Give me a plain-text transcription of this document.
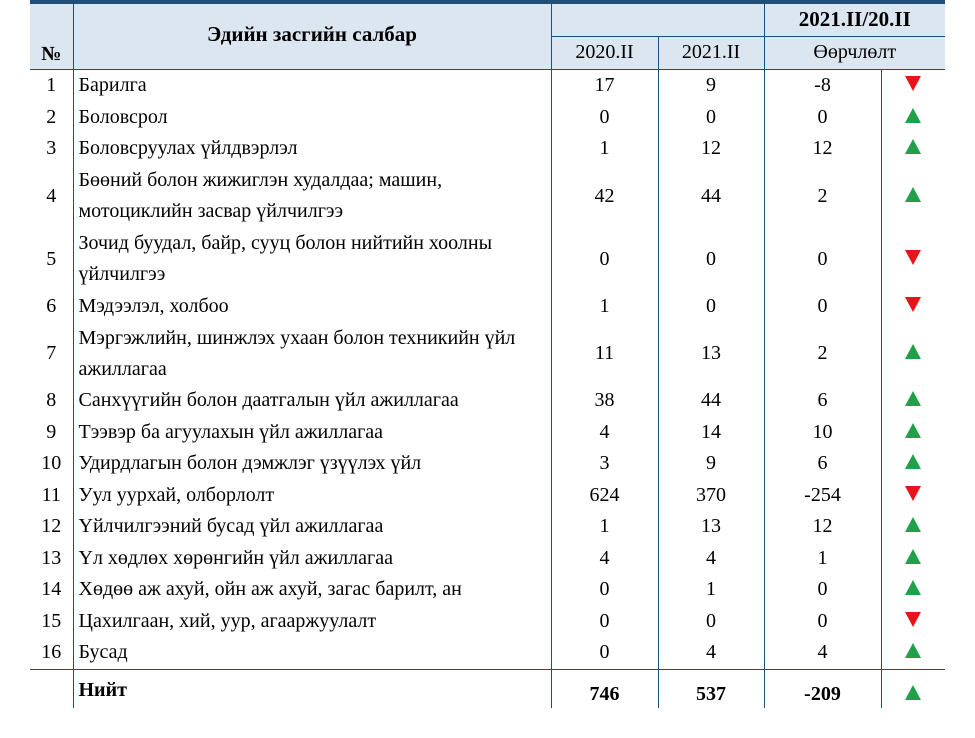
№	Эдийн засгийн салбар			2021.II/20.II	
		2020.II	2021.II	Өөрчлөлт	
1	Барилга	17	9	-8	
2	Боловсрол	0	0	0	
3	Боловсруулах үйлдвэрлэл	1	12	12	
4	Бөөний болон жижиглэн худалдаа; машин, мотоциклийн засвар үйлчилгээ	42	44	2	
5	Зочид буудал, байр, сууц болон нийтийн хоолны үйлчилгээ	0	0	0	
6	Мэдээлэл, холбоо	1	0	0	
7	Мэргэжлийн, шинжлэх ухаан болон техникийн үйл ажиллагаа	11	13	2	
8	Санхүүгийн болон даатгалын үйл ажиллагаа	38	44	6	
9	Тээвэр ба агуулахын үйл ажиллагаа	4	14	10	
10	Удирдлагын болон дэмжлэг үзүүлэх үйл	3	9	6	
11	Уул уурхай, олборлолт	624	370	-254	
12	Үйлчилгээний бусад үйл ажиллагаа	1	13	12	
13	Үл хөдлөх хөрөнгийн үйл ажиллагаа	4	4	1	
14	Хөдөө аж ахуй, ойн аж ахуй, загас барилт, ан	0	1	0	
15	Цахилгаан, хий, уур, агааржуулалт	0	0	0	
16	Бусад	0	4	4	
	Нийт	746	537	-209	
